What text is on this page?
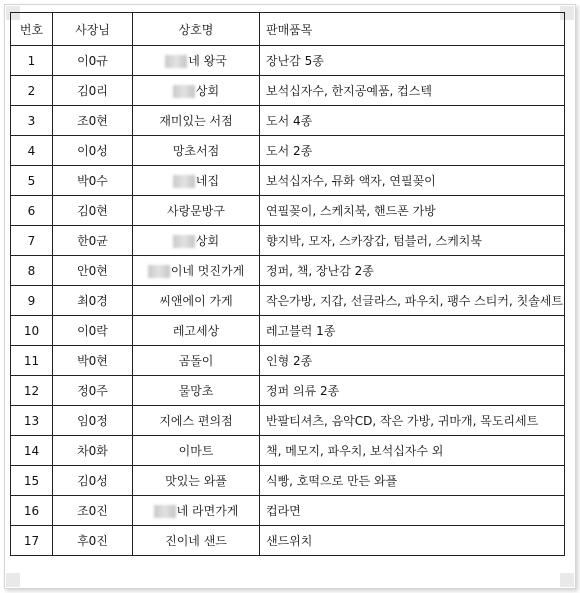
번호	사장님	상호명	판매품목
1	이0규	네 왕국	장난감 5종
2	김0리	상회	보석십자수, 한지공예품, 컵스텍
3	조0현	재미있는 서점	도서 4종
4	이0성	망초서점	도서 2종
5	박0수	네집	보석십자수, 뮤화 액자, 연필꽂이
6	김0현	사랑문방구	연필꽂이, 스케치북, 핸드폰 가방
7	한0균	상회	향지박, 모자, 스카장갑, 텀블러, 스케치북
8	안0현	이네 멋진가게	정퍼, 책, 장난감 2종
9	최0경	씨앤에이 가게	작은가방, 지갑, 선글라스, 파우치, 팽수 스티커, 칫솔세트
10	이0락	레고세상	레고블럭 1종
11	박0현	곰돌이	인형 2종
12	정0주	물망초	정퍼 의류 2종
13	임0정	지에스 편의점	반팔티셔츠, 음악CD, 작은 가방, 귀마개, 목도리세트
14	차0화	이마트	책, 메모지, 파우치, 보석십자수 외
15	김0성	맛있는 와플	식빵, 호떡으로 만든 와플
16	조0진	네 라면가게	컵라면
17	후0진	진이네 샌드	샌드위치
